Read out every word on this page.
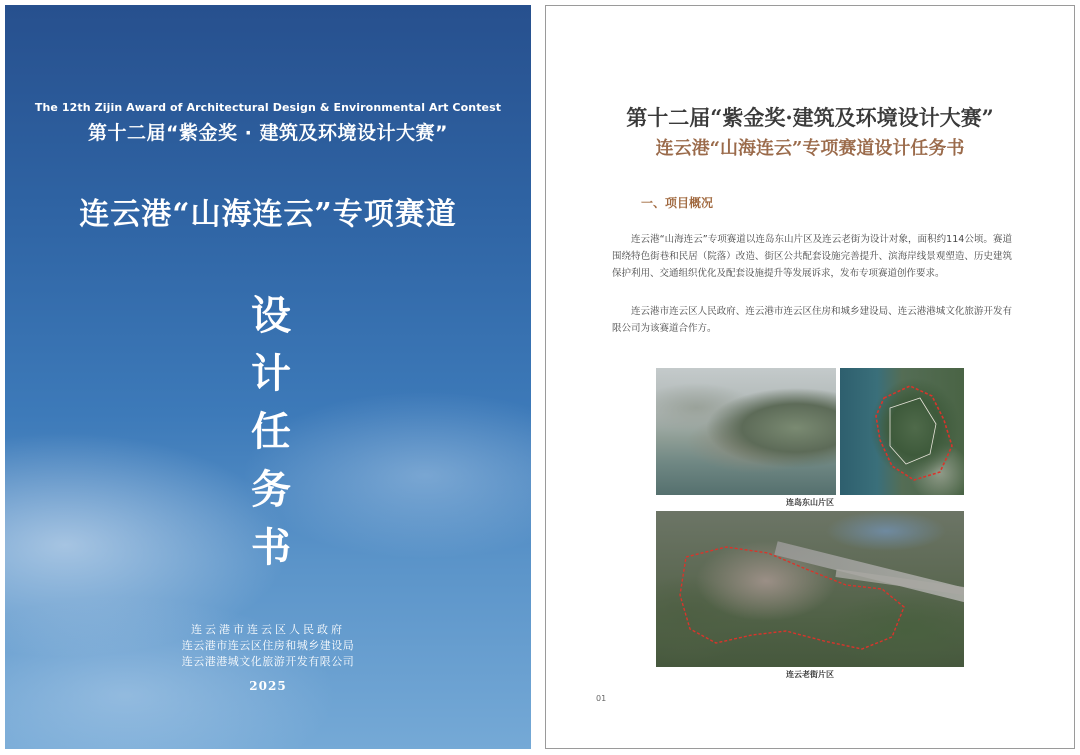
The 12th Zijin Award of Architectural Design & Environmental Art Contest
第十二届“紫金奖 · 建筑及环境设计大赛”
连云港“山海连云”专项赛道
设计任务书
连云港市连云区人民政府
连云港市连云区住房和城乡建设局
连云港港城文化旅游开发有限公司
2025
第十二届“紫金奖·建筑及环境设计大赛”
连云港“山海连云”专项赛道设计任务书
一、项目概况

连云港“山海连云”专项赛道以连岛东山片区及连云老街为设计对象，面积约114公顷。赛道围绕特色街巷和民居（院落）改造、街区公共配套设施完善提升、滨海岸线景观塑造、历史建筑保护利用、交通组织优化及配套设施提升等发展诉求，发布专项赛道创作要求。

连云港市连云区人民政府、连云港市连云区住房和城乡建设局、连云港港城文化旅游开发有限公司为该赛道合作方。

连岛东山片区
连云老街片区
01
